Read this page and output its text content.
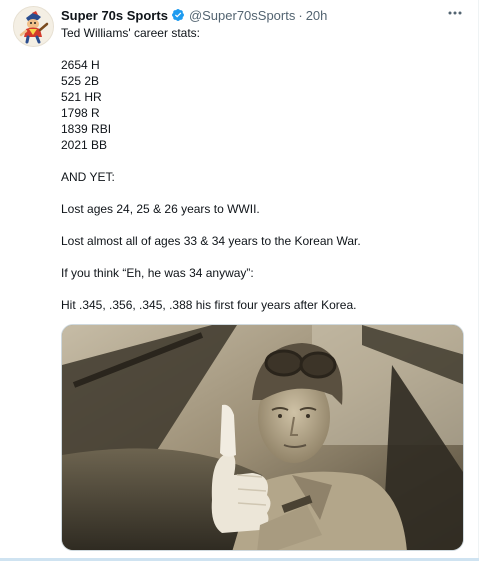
Super 70s Sports @Super70sSports · 20h
Ted Williams' career stats:
2654 H
525 2B
521 HR
1798 R
1839 RBI
2021 BB
AND YET:
Lost ages 24, 25 & 26 years to WWII.
Lost almost all of ages 33 & 34 years to the Korean War.
If you think “Eh, he was 34 anyway”:
Hit .345, .356, .345, .388 his first four years after Korea.
